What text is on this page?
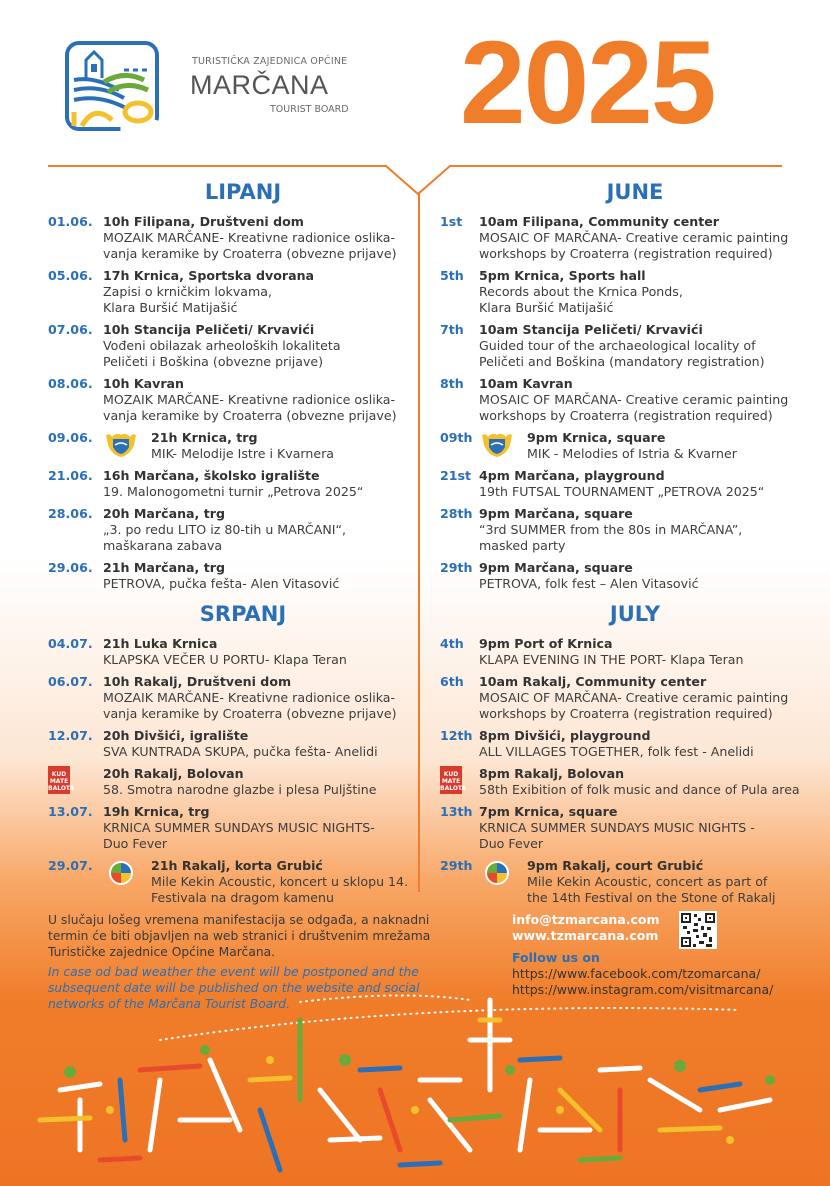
TURISTIČKA ZAJEDNICA OPĆINE
MARČANA
TOURIST BOARD 2025
LIPANJ
01.06. 10h Filipana, Društveni dom
MOZAIK MARČANE- Kreativne radionice oslika-
vanja keramike by Croaterra (obvezne prijave)
05.06. 17h Krnica, Sportska dvorana
Zapisi o krničkim lokvama,
Klara Buršić Matijašić
07.06. 10h Stancija Peličeti/ Krvavići
Vođeni obilazak arheoloških lokaliteta
Peličeti i Boškina (obvezne prijave)
08.06. 10h Kavran
MOZAIK MARČANE- Kreativne radionice oslika-
vanja keramike by Croaterra (obvezne prijave)
09.06.	21h Krnica, trg
MIK- Melodije Istre i Kvarnera
21.06. 16h Marčana, školsko igralište
19. Malonogometni turnir „Petrova 2025“
28.06. 20h Marčana, trg
„3. po redu LITO iz 80-tih u MARČANI“,
maškarana zabava
29.06. 21h Marčana, trg
PETROVA, pučka fešta- Alen Vitasović
SRPANJ
04.07. 21h Luka Krnica
KLAPSKA VEČER U PORTU- Klapa Teran
06.07. 10h Rakalj, Društveni dom
MOZAIK MARČANE- Kreativne radionice oslika-
vanja keramike by Croaterra (obvezne prijave)
12.07. 20h Divšići, igralište
SVA KUNTRADA SKUPA, pučka fešta- Anelidi
KUD
MATE
BALOTA
20h Rakalj, Bolovan
58. Smotra narodne glazbe i plesa Puljštine
13.07. 19h Krnica, trg
KRNICA SUMMER SUNDAYS MUSIC NIGHTS-
Duo Fever
29.07.	21h Rakalj, korta Grubić
Mile Kekin Acoustic, koncert u sklopu 14.
Festivala na dragom kamenu
JUNE
1st	10am Filipana, Community center
MOSAIC OF MARČANA- Creative ceramic painting
workshops by Croaterra (registration required)
5th	5pm Krnica, Sports hall
Records about the Krnica Ponds,
Klara Buršić Matijašić
7th	10am Stancija Peličeti/ Krvavići
Guided tour of the archaeological locality of
Peličeti and Boškina (mandatory registration)
8th	10am Kavran
MOSAIC OF MARČANA- Creative ceramic painting
workshops by Croaterra (registration required)
09th	9pm Krnica, square
MIK - Melodies of Istria & Kvarner
21st 4pm Marčana, playground
19th FUTSAL TOURNAMENT „PETROVA 2025“
28th 9pm Marčana, square
“3rd SUMMER from the 80s in MARČANA”,
masked party
29th 9pm Marčana, square
PETROVA, folk fest – Alen Vitasović
JULY
4th	9pm Port of Krnica
KLAPA EVENING IN THE PORT- Klapa Teran
6th	10am Rakalj, Community center
MOSAIC OF MARČANA- Creative ceramic painting
workshops by Croaterra (registration required)
12th 8pm Divšići, playground
ALL VILLAGES TOGETHER, folk fest - Anelidi
KUD
MATE
BALOTA
8pm Rakalj, Bolovan
58th Exibition of folk music and dance of Pula area
13th 7pm Krnica, square
KRNICA SUMMER SUNDAYS MUSIC NIGHTS -
Duo Fever
29th	9pm Rakalj, court Grubić
Mile Kekin Acoustic, concert as part of
the 14th Festival on the Stone of Rakalj
U slučaju lošeg vremena manifestacija se odgađa, a naknadni termin će biti objavljen na web stranici i društvenim mrežama Turističke zajednice Općine Marčana.
In case od bad weather the event will be postponed and the subsequent date will be published on the website and social networks of the Marčana Tourist Board.
info@tzmarcana.com
www.tzmarcana.com
Follow us on
https://www.facebook.com/tzomarcana/
https://www.instagram.com/visitmarcana/
